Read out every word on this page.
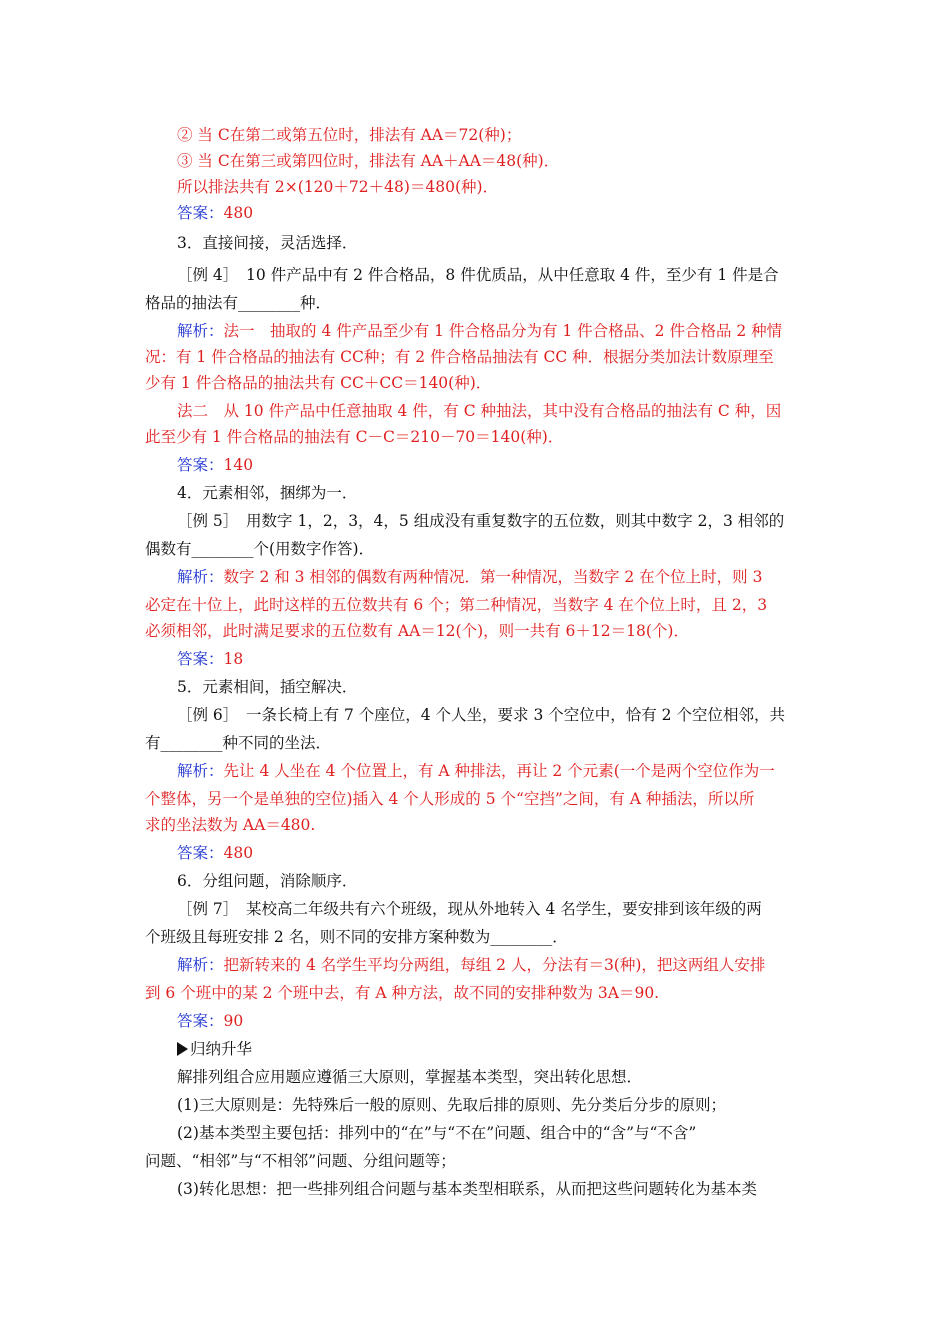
② 当 C在第二或第五位时，排法有 AA＝72(种)；
③ 当 C在第三或第四位时，排法有 AA＋AA＝48(种)．
所以排法共有 2×(120＋72＋48)＝480(种)．
答案：480
3．直接间接，灵活选择．
［例 4］　10 件产品中有 2 件合格品，8 件优质品，从中任意取 4 件，至少有 1 件是合
格品的抽法有________种．
解析：法一　抽取的 4 件产品至少有 1 件合格品分为有 1 件合格品、2 件合格品 2 种情
况：有 1 件合格品的抽法有 CC种；有 2 件合格品抽法有 CC 种．根据分类加法计数原理至
少有 1 件合格品的抽法共有 CC＋CC＝140(种)．
法二　从 10 件产品中任意抽取 4 件，有 C 种抽法，其中没有合格品的抽法有 C 种，因
此至少有 1 件合格品的抽法有 C－C＝210－70＝140(种)．
答案：140
4．元素相邻，捆绑为一．
［例 5］　用数字 1，2，3，4，5 组成没有重复数字的五位数，则其中数字 2，3 相邻的
偶数有________个(用数字作答)．
解析：数字 2 和 3 相邻的偶数有两种情况．第一种情况，当数字 2 在个位上时，则 3
必定在十位上，此时这样的五位数共有 6 个；第二种情况，当数字 4 在个位上时，且 2，3
必须相邻，此时满足要求的五位数有 AA＝12(个)，则一共有 6＋12＝18(个)．
答案：18
5．元素相间，插空解决．
［例 6］　一条长椅上有 7 个座位，4 个人坐，要求 3 个空位中，恰有 2 个空位相邻，共
有________种不同的坐法．
解析：先让 4 人坐在 4 个位置上，有 A 种排法，再让 2 个元素(一个是两个空位作为一
个整体，另一个是单独的空位)插入 4 个人形成的 5 个“空挡”之间，有 A 种插法，所以所
求的坐法数为 AA＝480.
答案：480
6．分组问题，消除顺序．
［例 7］　某校高二年级共有六个班级，现从外地转入 4 名学生，要安排到该年级的两
个班级且每班安排 2 名，则不同的安排方案种数为________．
解析：把新转来的 4 名学生平均分两组，每组 2 人，分法有＝3(种)，把这两组人安排
到 6 个班中的某 2 个班中去，有 A 种方法，故不同的安排种数为 3A＝90.
答案：90
归纳升华
解排列组合应用题应遵循三大原则，掌握基本类型，突出转化思想．
(1)三大原则是：先特殊后一般的原则、先取后排的原则、先分类后分步的原则；
(2)基本类型主要包括：排列中的“在”与“不在”问题、组合中的“含”与“不含”
问题、“相邻”与“不相邻”问题、分组问题等；
(3)转化思想：把一些排列组合问题与基本类型相联系，从而把这些问题转化为基本类
